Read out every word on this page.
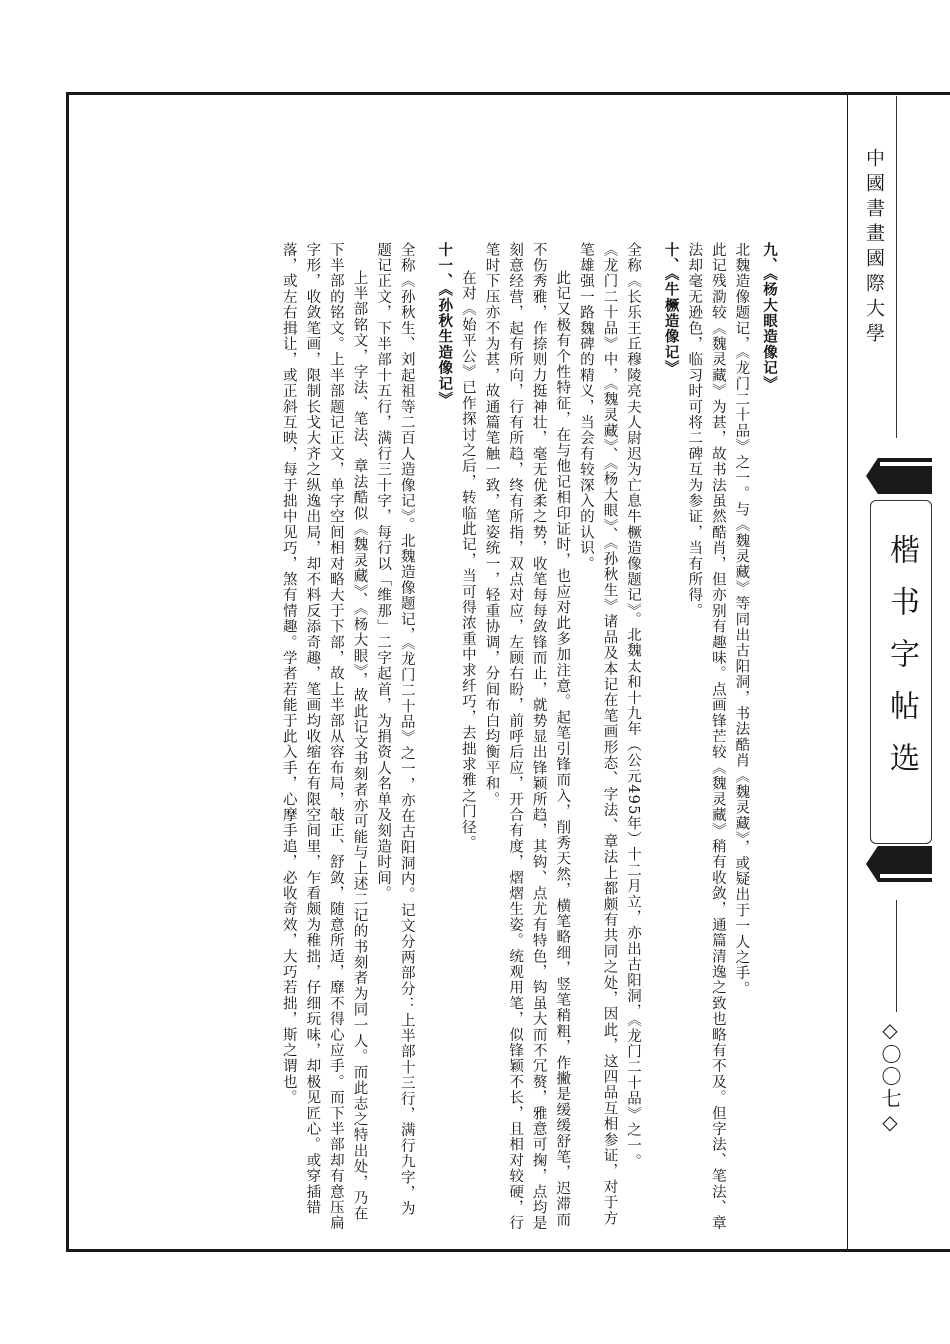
中國書畫國際大學
楷书字帖选
◇〇〇七◇

九、《杨大眼造像记》

北魏造像题记，《龙门二十品》之一。与《魏灵藏》等同出古阳洞，书法酷肖《魏灵藏》，或疑出于一人之手。

此记残泐较《魏灵藏》为甚，故书法虽然酷肖，但亦别有趣味。点画锋芒较《魏灵藏》稍有收敛，通篇清逸之致也略有不及。但字法、笔法、章法却毫无逊色，临习时可将二碑互为参证，当有所得。

十、《牛橛造像记》

全称《长乐王丘穆陵亮夫人尉迟为亡息牛橛造像题记》。北魏太和十九年（公元495年）十二月立，亦出古阳洞，《龙门二十品》之一。

《龙门二十品》中，《魏灵藏》、《杨大眼》、《孙秋生》诸品及本记在笔画形态、字法、章法上都颇有共同之处，因此，这四品互相参证，对于方笔雄强一路魏碑的精义，当会有较深入的认识。

此记又极有个性特征，在与他记相印证时，也应对此多加注意。起笔引锋而入，削秀天然，横笔略细，竖笔稍粗，作撇是缓缓舒笔，迟滞而不伤秀雅，作捺则力挺神壮，毫无优柔之势，收笔每每敛锋而止，就势显出锋颖所趋，其钩、点尤有特色，钩虽大而不冗赘，雅意可掬，点均是刻意经营，起有所向，行有所趋，终有所指，双点对应，左顾右盼，前呼后应，开合有度，熠熠生姿。统观用笔，似锋颖不长，且相对较硬，行笔时下压亦不为甚，故通篇笔触一致，笔姿统一，轻重协调，分间布白均衡平和。

在对《始平公》已作探讨之后，转临此记，当可得浓重中求纤巧，去拙求雅之门径。

十一、《孙秋生造像记》

全称《孙秋生、刘起祖等二百人造像记》。北魏造像题记，《龙门二十品》之一，亦在古阳洞内。记文分两部分：上半部十三行，满行九字，为题记正文，下半部十五行，满行三十字，每行以「维那」二字起首，为捐资人名单及刻造时间。

上半部铭文，字法、笔法、章法酷似《魏灵藏》、《杨大眼》，故此记文书刻者亦可能与上述二记的书刻者为同一人。而此志之特出处，乃在下半部的铭文。上半部题记正文，单字空间相对略大于下部，故上半部从容布局，敧正、舒敛，随意所适，靡不得心应手。而下半部却有意压扁字形，收敛笔画，限制长戈大齐之纵逸出局，却不料反添奇趣，笔画均收缩在有限空间里，乍看颇为稚拙，仔细玩味，却极见匠心。或穿插错落，或左右揖让，或正斜互映，每于拙中见巧，煞有情趣。学者若能于此入手，心摩手追，必收奇效，大巧若拙，斯之谓也。
